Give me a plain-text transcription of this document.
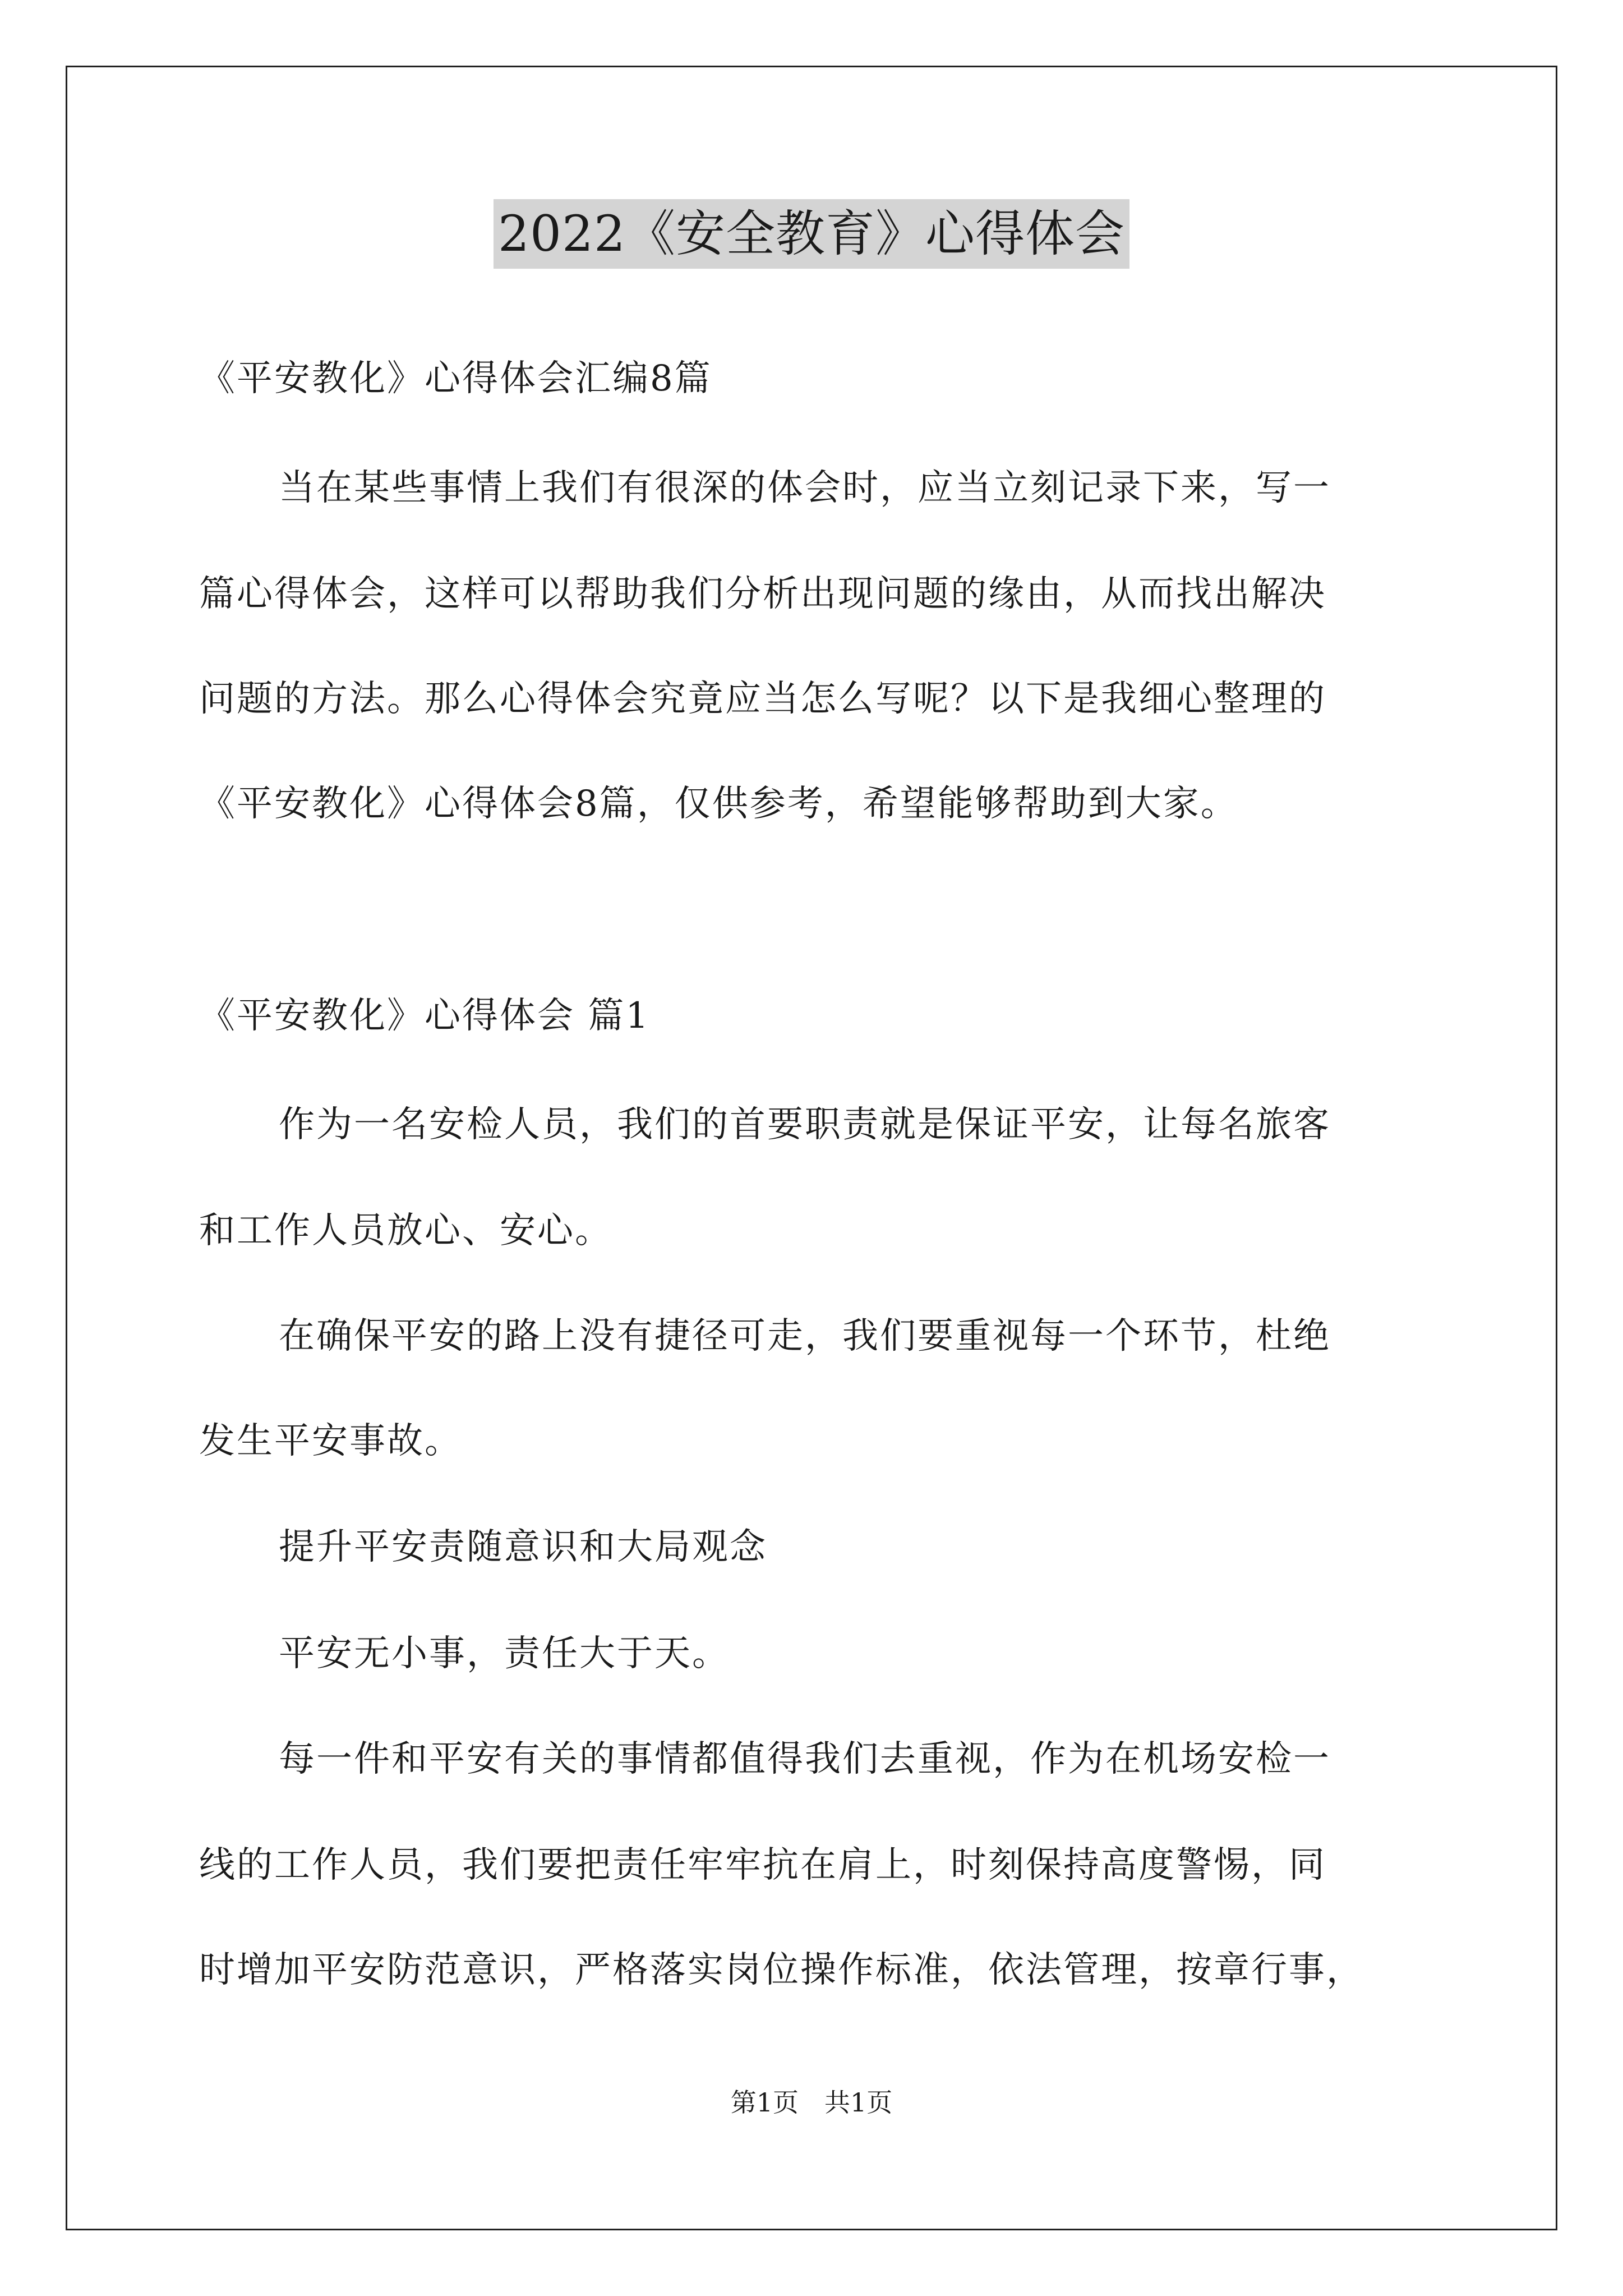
2022《安全教育》心得体会
《平安教化》心得体会汇编8篇
当在某些事情上我们有很深的体会时，应当立刻记录下来，写一
篇心得体会，这样可以帮助我们分析出现问题的缘由，从而找出解决
问题的方法。那么心得体会究竟应当怎么写呢？以下是我细心整理的
《平安教化》心得体会8篇，仅供参考，希望能够帮助到大家。
《平安教化》心得体会 篇1
作为一名安检人员，我们的首要职责就是保证平安，让每名旅客
和工作人员放心、安心。
在确保平安的路上没有捷径可走，我们要重视每一个环节，杜绝
发生平安事故。
提升平安责随意识和大局观念
平安无小事，责任大于天。
每一件和平安有关的事情都值得我们去重视，作为在机场安检一
线的工作人员，我们要把责任牢牢抗在肩上，时刻保持高度警惕，同
时增加平安防范意识，严格落实岗位操作标准，依法管理，按章行事，
第1页　共1页
